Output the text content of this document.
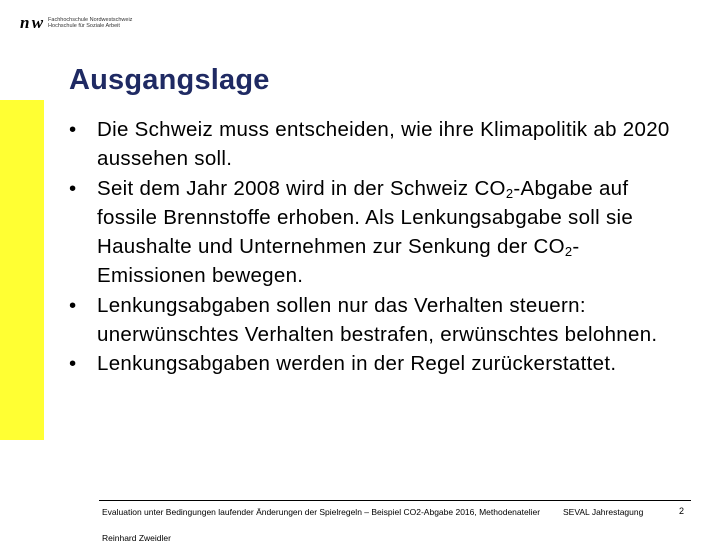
n w Fachhochschule Nordwestschweiz
Hochschule für Soziale Arbeit
Ausgangslage
• Die Schweiz muss entscheiden, wie ihre Klimapolitik ab 2020 aussehen soll.
• Seit dem Jahr 2008 wird in der Schweiz $CO_2$-Abgabe auf fossile Brennstoffe erhoben. Als Lenkungsabgabe soll sie Haushalte und Unternehmen zur Senkung der $CO_2$-Emissionen bewegen.
• Lenkungsabgaben sollen nur das Verhalten steuern: unerwünschtes Verhalten bestrafen, erwünschtes belohnen.
• Lenkungsabgaben werden in der Regel zurückerstattet.
Evaluation unter Bedingungen laufender Änderungen der Spielregeln – Beispiel CO2-Abgabe 2016, Methodenatelier	SEVAL Jahrestagung	2
Reinhard Zweidler
